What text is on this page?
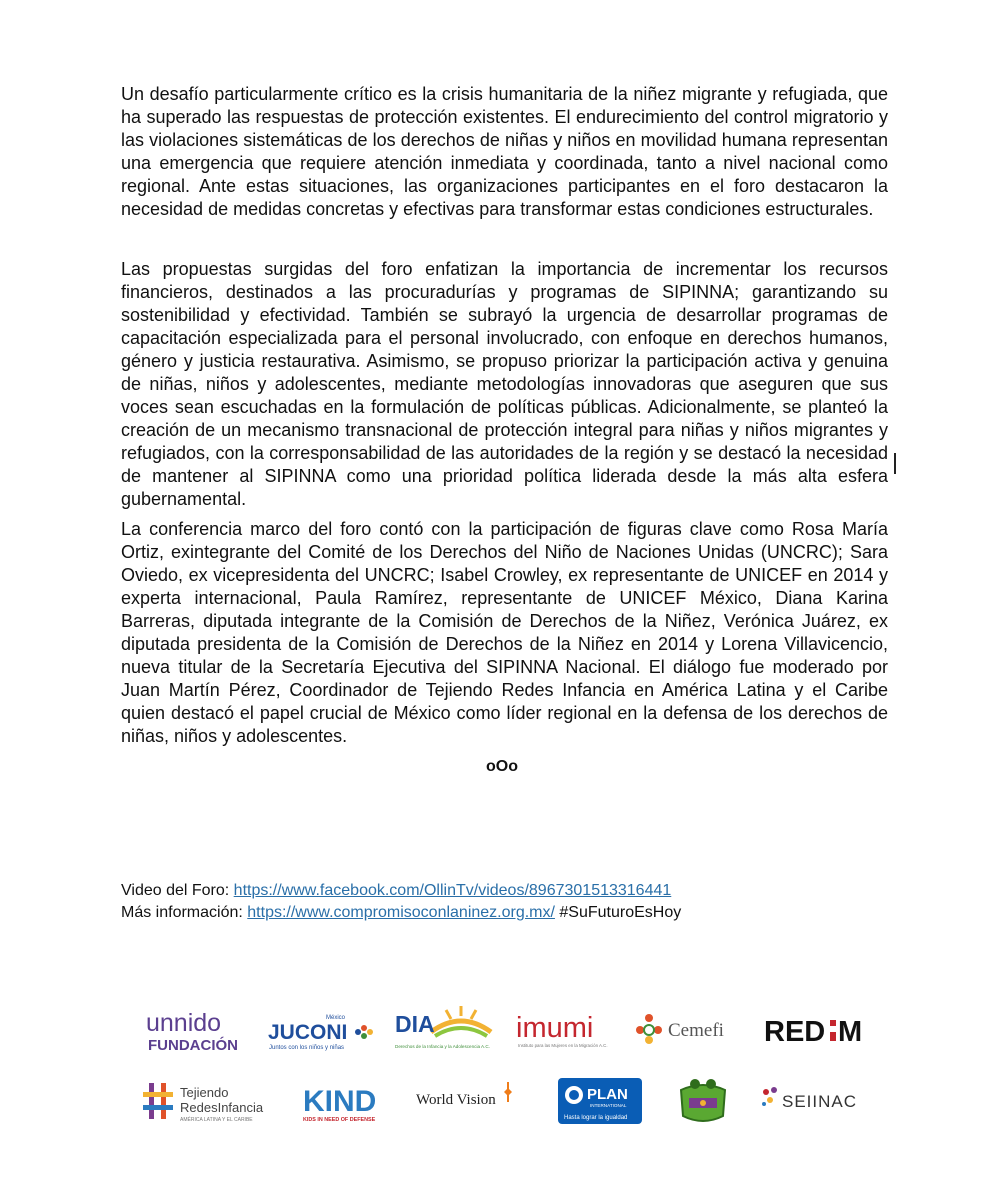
Un desafío particularmente crítico es la crisis humanitaria de la niñez migrante y refugiada, que ha superado las respuestas de protección existentes. El endurecimiento del control migratorio y las violaciones sistemáticas de los derechos de niñas y niños en movilidad humana representan una emergencia que requiere atención inmediata y coordinada, tanto a nivel nacional como regional. Ante estas situaciones, las organizaciones participantes en el foro destacaron la necesidad de medidas concretas y efectivas para transformar estas condiciones estructurales.

Las propuestas surgidas del foro enfatizan la importancia de incrementar los recursos financieros, destinados a las procuradurías y programas de SIPINNA; garantizando su sostenibilidad y efectividad. También se subrayó la urgencia de desarrollar programas de capacitación especializada para el personal involucrado, con enfoque en derechos humanos, género y justicia restaurativa. Asimismo, se propuso priorizar la participación activa y genuina de niñas, niños y adolescentes, mediante metodologías innovadoras que aseguren que sus voces sean escuchadas en la formulación de políticas públicas. Adicionalmente, se planteó la creación de un mecanismo transnacional de protección integral para niñas y niños migrantes y refugiados, con la corresponsabilidad de las autoridades de la región y se destacó la necesidad de mantener al SIPINNA como una prioridad política liderada desde la más alta esfera gubernamental.

La conferencia marco del foro contó con la participación de figuras clave como Rosa María Ortiz, exintegrante del Comité de los Derechos del Niño de Naciones Unidas (UNCRC); Sara Oviedo, ex vicepresidenta del UNCRC; Isabel Crowley, ex representante de UNICEF en 2014 y experta internacional, Paula Ramírez, representante de UNICEF México, Diana Karina Barreras, diputada integrante de la Comisión de Derechos de la Niñez, Verónica Juárez, ex diputada presidenta de la Comisión de Derechos de la Niñez en 2014 y Lorena Villavicencio, nueva titular de la Secretaría Ejecutiva del SIPINNA Nacional. El diálogo fue moderado por Juan Martín Pérez, Coordinador de Tejiendo Redes Infancia en América Latina y el Caribe quien destacó el papel crucial de México como líder regional en la defensa de los derechos de niñas, niños y adolescentes.

oOo
Video del Foro: https://www.facebook.com/OllinTv/videos/8967301513316441
Más información: https://www.compromisoconlaninez.org.mx/ #SuFuturoEsHoy
unnido
FUNDACIÓN
México
JUCONI
Juntos con los niños y niñas
DIA
Derechos de la Infancia y la Adolescencia A.C.
imumi
Instituto para las Mujeres en la Migración A.C.
Cemefi RED M
Tejiendo
RedesInfancia
AMÉRICA LATINA Y EL CARIBE
KIND
KIDS IN NEED OF DEFENSE
World Vision	PLAN
INTERNATIONAL
Hasta lograr la igualdad
SEIINAC
